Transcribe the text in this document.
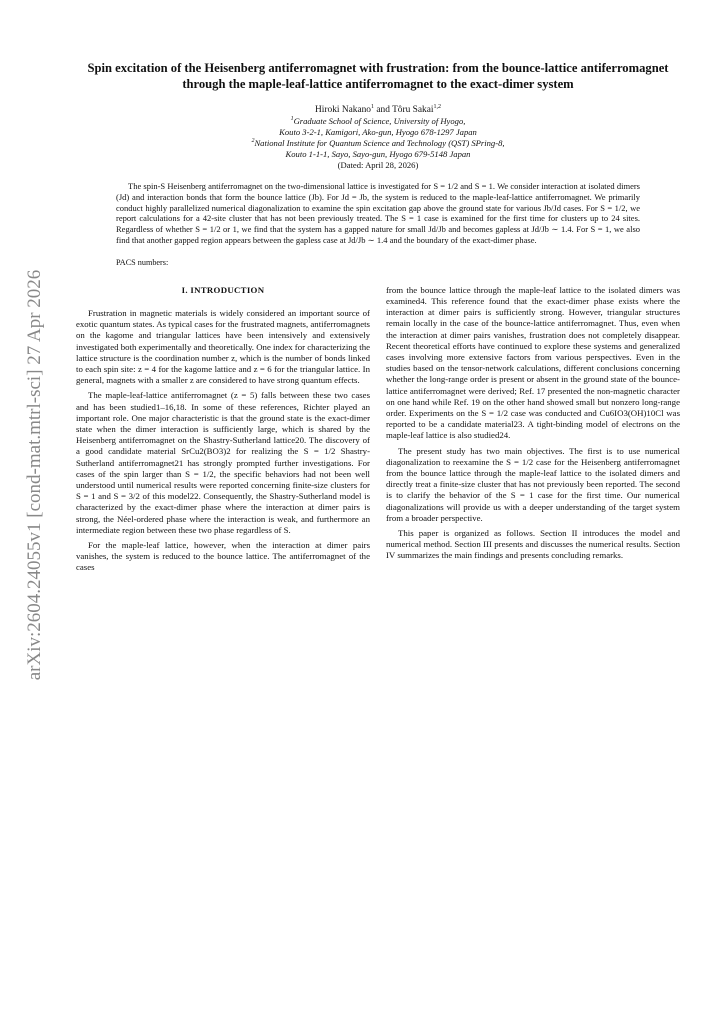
arXiv:2604.24055v1 [cond-mat.mtrl-sci] 27 Apr 2026
Spin excitation of the Heisenberg antiferromagnet with frustration: from the bounce-lattice antiferromagnet through the maple-leaf-lattice antiferromagnet to the exact-dimer system
Hiroki Nakano$^1$ and Tôru Sakai$^{1,2}$
$^1$Graduate School of Science, University of Hyogo,
Kouto 3-2-1, Kamigori, Ako-gun, Hyogo 678-1297 Japan
$^2$National Institute for Quantum Science and Technology (QST) SPring-8,
Kouto 1-1-1, Sayo, Sayo-gun, Hyogo 679-5148 Japan
(Dated: April 28, 2026)
The spin-S Heisenberg antiferromagnet on the two-dimensional lattice is investigated for S = 1/2 and S = 1. We consider interaction at isolated dimers (Jd) and interaction bonds that form the bounce lattice (Jb). For Jd = Jb, the system is reduced to the maple-leaf-lattice antiferromagnet. We primarily conduct highly parallelized numerical diagonalization to examine the spin excitation gap above the ground state for various Jb/Jd cases. For S = 1/2, we report calculations for a 42-site cluster that has not been previously treated. The S = 1 case is examined for the first time for clusters up to 24 sites. Regardless of whether S = 1/2 or 1, we find that the system has a gapped nature for small Jd/Jb and becomes gapless at Jd/Jb ∼ 1.4. For S = 1, we also find that another gapped region appears between the gapless case at Jd/Jb ∼ 1.4 and the boundary of the exact-dimer phase.
PACS numbers:
I. INTRODUCTION

Frustration in magnetic materials is widely considered an important source of exotic quantum states. As typical cases for the frustrated magnets, antiferromagnets on the kagome and triangular lattices have been intensively and extensively investigated both experimentally and theoretically. One index for characterizing the lattice structure is the coordination number z, which is the number of bonds linked to each spin site: z = 4 for the kagome lattice and z = 6 for the triangular lattice. In general, magnets with a smaller z are considered to have strong quantum effects.

The maple-leaf-lattice antiferromagnet (z = 5) falls between these two cases and has been studied1–16,18. In some of these references, Richter played an important role. One major characteristic is that the ground state is the exact-dimer state when the dimer interaction is sufficiently large, which is shared by the Heisenberg antiferromagnet on the Shastry-Sutherland lattice20. The discovery of a good candidate material SrCu2(BO3)2 for realizing the S = 1/2 Shastry-Sutherland antiferromagnet21 has strongly prompted further investigations. For cases of the spin larger than S = 1/2, the specific behaviors had not been well understood until numerical results were reported concerning finite-size clusters for S = 1 and S = 3/2 of this model22. Consequently, the Shastry-Sutherland model is characterized by the exact-dimer phase where the interaction at dimer pairs is strong, the Néel-ordered phase where the interaction is weak, and furthermore an intermediate region between these two phase regardless of S.

For the maple-leaf lattice, however, when the interaction at dimer pairs vanishes, the system is reduced to the bounce lattice. The antiferromagnet of the cases

from the bounce lattice through the maple-leaf lattice to the isolated dimers was examined4. This reference found that the exact-dimer phase exists where the interaction at dimer pairs is sufficiently strong. However, triangular structures remain locally in the case of the bounce-lattice antiferromagnet. Thus, even when the interaction at dimer pairs vanishes, frustration does not completely disappear. Recent theoretical efforts have continued to explore these systems and generalized cases involving more extensive factors from various perspectives. Even in the studies based on the tensor-network calculations, different conclusions concerning whether the long-range order is present or absent in the ground state of the bounce-lattice antiferromagnet were derived; Ref. 17 presented the non-magnetic character on one hand while Ref. 19 on the other hand showed small but nonzero long-range order. Experiments on the S = 1/2 case was conducted and Cu6IO3(OH)10Cl was reported to be a candidate material23. A tight-binding model of electrons on the maple-leaf lattice is also studied24.

The present study has two main objectives. The first is to use numerical diagonalization to reexamine the S = 1/2 case for the Heisenberg antiferromagnet from the bounce lattice through the maple-leaf lattice to the isolated dimers and directly treat a finite-size cluster that has not previously been reported. The second is to clarify the behavior of the S = 1 case for the first time. Our numerical diagonalizations will provide us with a deeper understanding of the target system from a broader perspective.

This paper is organized as follows. Section II introduces the model and numerical method. Section III presents and discusses the numerical results. Section IV summarizes the main findings and presents concluding remarks.
